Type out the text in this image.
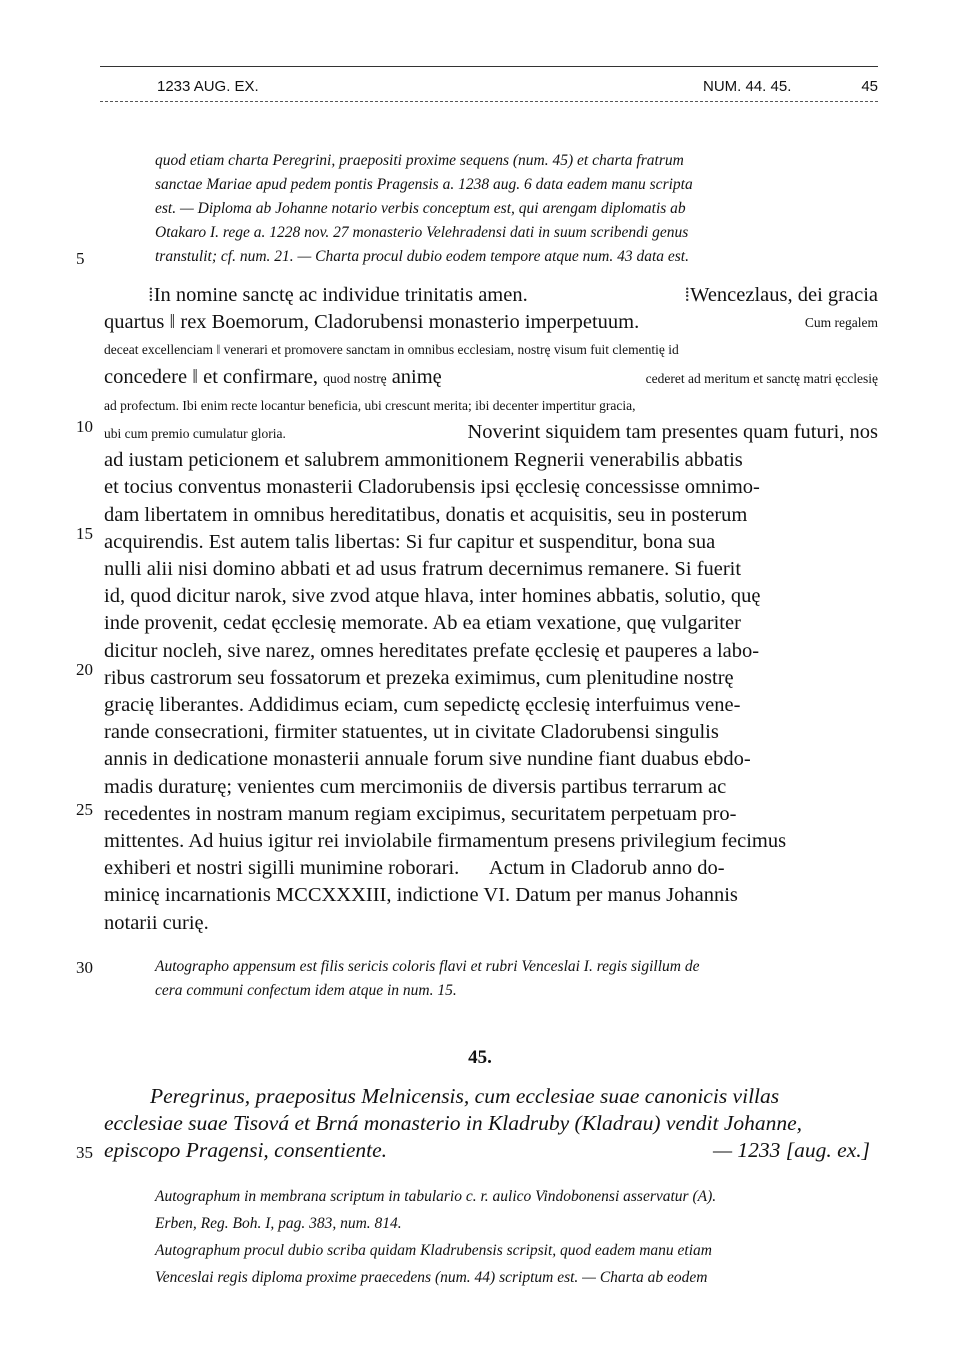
1233 AUG. EX.	NUM. 44. 45.	45
5
10
15
20
25
30
35
quod etiam charta Peregrini, praepositi proxime sequens (num. 45) et charta fratrum
sanctae Mariae apud pedem pontis Pragensis a. 1238 aug. 6 data eadem manu scripta
est. — Diploma ab Johanne notario verbis conceptum est, qui arengam diplomatis ab
Otakaro I. rege a. 1228 nov. 27 monasterio Velehradensi dati in suum scribendi genus
transtulit; cf. num. 21. — Charta procul dubio eodem tempore atque num. 43 data est.
⁞In nomine sanctę ac individue trinitatis amen.	⁞Wencezlaus, dei gracia
quartus ‖ rex Boemorum, Cladorubensi monasterio imperpetuum.	Cum regalem
deceat excellenciam ‖ venerari et promovere sanctam in omnibus ecclesiam, nostrę visum fuit clementię id
concedere ‖ et confirmare, quod nostrę animę	cederet ad meritum et sanctę matri ęcclesię
ad profectum. Ibi enim recte locantur beneficia, ubi crescunt merita; ibi decenter impertitur gracia,
ubi cum premio cumulatur gloria.	Noverint siquidem tam presentes quam futuri, nos
ad iustam peticionem et salubrem ammonitionem Regnerii venerabilis abbatis
et tocius conventus monasterii Cladorubensis ipsi ęcclesię concessisse omnimo-
dam libertatem in omnibus hereditatibus, donatis et acquisitis, seu in posterum
acquirendis. Est autem talis libertas: Si fur capitur et suspenditur, bona sua
nulli alii nisi domino abbati et ad usus fratrum decernimus remanere. Si fuerit
id, quod dicitur narok, sive zvod atque hlava, inter homines abbatis, solutio, quę
inde provenit, cedat ęcclesię memorate. Ab ea etiam vexatione, quę vulgariter
dicitur nocleh, sive narez, omnes hereditates prefate ęcclesię et pauperes a labo-
ribus castrorum seu fossatorum et prezeka eximimus, cum plenitudine nostrę
gracię liberantes. Addidimus eciam, cum sepedictę ęcclesię interfuimus vene-
rande consecrationi, firmiter statuentes, ut in civitate Cladorubensi singulis
annis in dedicatione monasterii annuale forum sive nundine fiant duabus ebdo-
madis duraturę; venientes cum mercimoniis de diversis partibus terrarum ac
recedentes in nostram manum regiam excipimus, securitatem perpetuam pro-
mittentes. Ad huius igitur rei inviolabile firmamentum presens privilegium fecimus
exhiberi et nostri sigilli munimine roborari.      Actum in Cladorub anno do-
minicę incarnationis MCCXXXIII, indictione VI. Datum per manus Johannis
notarii curię.
Autographo appensum est filis sericis coloris flavi et rubri Venceslai I. regis sigillum de
cera communi confectum idem atque in num. 15.
45.
Peregrinus, praepositus Melnicensis, cum ecclesiae suae canonicis villas
ecclesiae suae Tisová et Brná monasterio in Kladruby (Kladrau) vendit Johanne,
episcopo Pragensi, consentiente.	— 1233 [aug. ex.]
Autographum in membrana scriptum in tabulario c. r. aulico Vindobonensi asservatur (A).
Erben, Reg. Boh. I, pag. 383, num. 814.
Autographum procul dubio scriba quidam Kladrubensis scripsit, quod eadem manu etiam
Venceslai regis diploma proxime praecedens (num. 44) scriptum est. — Charta ab eodem
